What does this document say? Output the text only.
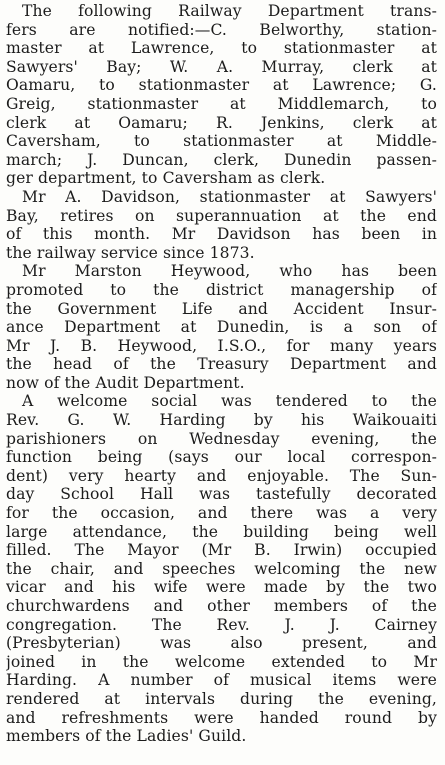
The following Railway Department trans-
fers are notified:—C. Belworthy, station-
master at Lawrence, to stationmaster at
Sawyers' Bay; W. A. Murray, clerk at
Oamaru, to stationmaster at Lawrence; G.
Greig, stationmaster at Middlemarch, to
clerk at Oamaru; R. Jenkins, clerk at
Caversham, to stationmaster at Middle-
march; J. Duncan, clerk, Dunedin passen-
ger department, to Caversham as clerk.
Mr A. Davidson, stationmaster at Sawyers'
Bay, retires on superannuation at the end
of this month. Mr Davidson has been in
the railway service since 1873.
Mr Marston Heywood, who has been
promoted to the district managership of
the Government Life and Accident Insur-
ance Department at Dunedin, is a son of
Mr J. B. Heywood, I.S.O., for many years
the head of the Treasury Department and
now of the Audit Department.
A welcome social was tendered to the
Rev. G. W. Harding by his Waikouaiti
parishioners on Wednesday evening, the
function being (says our local correspon-
dent) very hearty and enjoyable. The Sun-
day School Hall was tastefully decorated
for the occasion, and there was a very
large attendance, the building being well
filled. The Mayor (Mr B. Irwin) occupied
the chair, and speeches welcoming the new
vicar and his wife were made by the two
churchwardens and other members of the
congregation. The Rev. J. J. Cairney
(Presbyterian) was also present, and
joined in the welcome extended to Mr
Harding. A number of musical items were
rendered at intervals during the evening,
and refreshments were handed round by
members of the Ladies' Guild.
